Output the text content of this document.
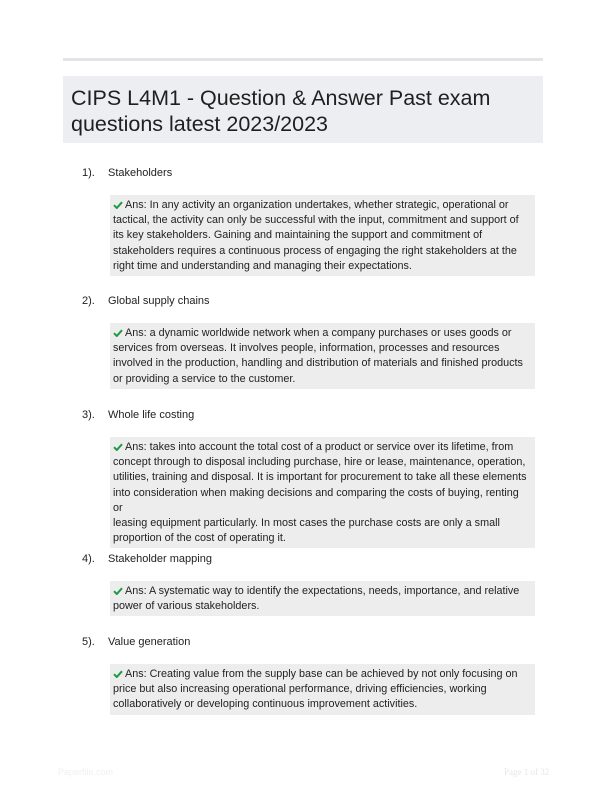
CIPS L4M1 - Question & Answer Past exam
questions latest 2023/2023
1). Stakeholders
Ans: In any activity an organization undertakes, whether strategic, operational or
tactical, the activity can only be successful with the input, commitment and support of
its key stakeholders. Gaining and maintaining the support and commitment of
stakeholders requires a continuous process of engaging the right stakeholders at the
right time and understanding and managing their expectations.
2). Global supply chains
Ans: a dynamic worldwide network when a company purchases or uses goods or
services from overseas. It involves people, information, processes and resources
involved in the production, handling and distribution of materials and finished products
or providing a service to the customer.
3). Whole life costing
Ans: takes into account the total cost of a product or service over its lifetime, from
concept through to disposal including purchase, hire or lease, maintenance, operation,
utilities, training and disposal. It is important for procurement to take all these elements
into consideration when making decisions and comparing the costs of buying, renting or
leasing equipment particularly. In most cases the purchase costs are only a small
proportion of the cost of operating it.
4). Stakeholder mapping
Ans: A systematic way to identify the expectations, needs, importance, and relative
power of various stakeholders.
5). Value generation
Ans: Creating value from the supply base can be achieved by not only focusing on
price but also increasing operational performance, driving efficiencies, working
collaboratively or developing continuous improvement activities.
Paperfile.com	Page 1 of 32
